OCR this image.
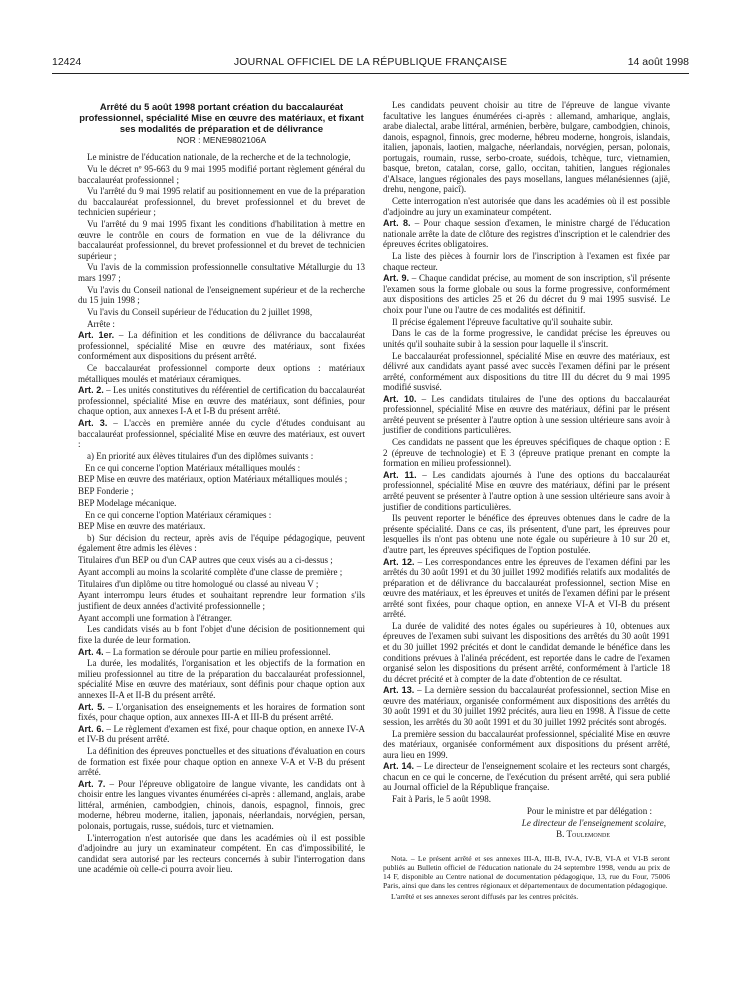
12424	JOURNAL OFFICIEL DE LA RÉPUBLIQUE FRANÇAISE	14 août 1998
Arrêté du 5 août 1998 portant création du baccalauréat professionnel, spécialité Mise en œuvre des matériaux, et fixant ses modalités de préparation et de délivrance
NOR : MENE9802106A

Le ministre de l'éducation nationale, de la recherche et de la technologie,

Vu le décret nº 95-663 du 9 mai 1995 modifié portant règlement général du baccalauréat professionnel ;

Vu l'arrêté du 9 mai 1995 relatif au positionnement en vue de la préparation du baccalauréat professionnel, du brevet professionnel et du brevet de technicien supérieur ;

Vu l'arrêté du 9 mai 1995 fixant les conditions d'habilitation à mettre en œuvre le contrôle en cours de formation en vue de la délivrance du baccalauréat professionnel, du brevet professionnel et du brevet de technicien supérieur ;

Vu l'avis de la commission professionnelle consultative Métallurgie du 13 mars 1997 ;

Vu l'avis du Conseil national de l'enseignement supérieur et de la recherche du 15 juin 1998 ;

Vu l'avis du Conseil supérieur de l'éducation du 2 juillet 1998,

Arrête :

Art. 1er. – La définition et les conditions de délivrance du baccalauréat professionnel, spécialité Mise en œuvre des matériaux, sont fixées conformément aux dispositions du présent arrêté.

Ce baccalauréat professionnel comporte deux options : matériaux métalliques moulés et matériaux céramiques.

Art. 2. – Les unités constitutives du référentiel de certification du baccalauréat professionnel, spécialité Mise en œuvre des matériaux, sont définies, pour chaque option, aux annexes I-A et I-B du présent arrêté.

Art. 3. – L'accès en première année du cycle d'études conduisant au baccalauréat professionnel, spécialité Mise en œuvre des matériaux, est ouvert :

a) En priorité aux élèves titulaires d'un des diplômes suivants :

En ce qui concerne l'option Matériaux métalliques moulés :

BEP Mise en œuvre des matériaux, option Matériaux métalliques moulés ;

BEP Fonderie ;

BEP Modelage mécanique.

En ce qui concerne l'option Matériaux céramiques :

BEP Mise en œuvre des matériaux.

b) Sur décision du recteur, après avis de l'équipe pédagogique, peuvent également être admis les élèves :

Titulaires d'un BEP ou d'un CAP autres que ceux visés au a ci-dessus ;

Ayant accompli au moins la scolarité complète d'une classe de première ;

Titulaires d'un diplôme ou titre homologué ou classé au niveau V ;

Ayant interrompu leurs études et souhaitant reprendre leur formation s'ils justifient de deux années d'activité professionnelle ;

Ayant accompli une formation à l'étranger.

Les candidats visés au b font l'objet d'une décision de positionnement qui fixe la durée de leur formation.

Art. 4. – La formation se déroule pour partie en milieu professionnel.

La durée, les modalités, l'organisation et les objectifs de la formation en milieu professionnel au titre de la préparation du baccalauréat professionnel, spécialité Mise en œuvre des matériaux, sont définis pour chaque option aux annexes II-A et II-B du présent arrêté.

Art. 5. – L'organisation des enseignements et les horaires de formation sont fixés, pour chaque option, aux annexes III-A et III-B du présent arrêté.

Art. 6. – Le règlement d'examen est fixé, pour chaque option, en annexe IV-A et IV-B du présent arrêté.

La définition des épreuves ponctuelles et des situations d'évaluation en cours de formation est fixée pour chaque option en annexe V-A et V-B du présent arrêté.

Art. 7. – Pour l'épreuve obligatoire de langue vivante, les candidats ont à choisir entre les langues vivantes énumérées ci-après : allemand, anglais, arabe littéral, arménien, cambodgien, chinois, danois, espagnol, finnois, grec moderne, hébreu moderne, italien, japonais, néerlandais, norvégien, persan, polonais, portugais, russe, suédois, turc et vietnamien.

L'interrogation n'est autorisée que dans les académies où il est possible d'adjoindre au jury un examinateur compétent. En cas d'impossibilité, le candidat sera autorisé par les recteurs concernés à subir l'interrogation dans une académie où celle-ci pourra avoir lieu.

Les candidats peuvent choisir au titre de l'épreuve de langue vivante facultative les langues énumérées ci-après : allemand, amharique, anglais, arabe dialectal, arabe littéral, arménien, berbère, bulgare, cambodgien, chinois, danois, espagnol, finnois, grec moderne, hébreu moderne, hongrois, islandais, italien, japonais, laotien, malgache, néerlandais, norvégien, persan, polonais, portugais, roumain, russe, serbo-croate, suédois, tchèque, turc, vietnamien, basque, breton, catalan, corse, gallo, occitan, tahitien, langues régionales d'Alsace, langues régionales des pays mosellans, langues mélanésiennes (ajië, drehu, nengone, paicî).

Cette interrogation n'est autorisée que dans les académies où il est possible d'adjoindre au jury un examinateur compétent.

Art. 8. – Pour chaque session d'examen, le ministre chargé de l'éducation nationale arrête la date de clôture des registres d'inscription et le calendrier des épreuves écrites obligatoires.

La liste des pièces à fournir lors de l'inscription à l'examen est fixée par chaque recteur.

Art. 9. – Chaque candidat précise, au moment de son inscription, s'il présente l'examen sous la forme globale ou sous la forme progressive, conformément aux dispositions des articles 25 et 26 du décret du 9 mai 1995 susvisé. Le choix pour l'une ou l'autre de ces modalités est définitif.

Il précise également l'épreuve facultative qu'il souhaite subir.

Dans le cas de la forme progressive, le candidat précise les épreuves ou unités qu'il souhaite subir à la session pour laquelle il s'inscrit.

Le baccalauréat professionnel, spécialité Mise en œuvre des matériaux, est délivré aux candidats ayant passé avec succès l'examen défini par le présent arrêté, conformément aux dispositions du titre III du décret du 9 mai 1995 modifié susvisé.

Art. 10. – Les candidats titulaires de l'une des options du baccalauréat professionnel, spécialité Mise en œuvre des matériaux, défini par le présent arrêté peuvent se présenter à l'autre option à une session ultérieure sans avoir à justifier de conditions particulières.

Ces candidats ne passent que les épreuves spécifiques de chaque option : E 2 (épreuve de technologie) et E 3 (épreuve pratique prenant en compte la formation en milieu professionnel).

Art. 11. – Les candidats ajournés à l'une des options du baccalauréat professionnel, spécialité Mise en œuvre des matériaux, défini par le présent arrêté peuvent se présenter à l'autre option à une session ultérieure sans avoir à justifier de conditions particulières.

Ils peuvent reporter le bénéfice des épreuves obtenues dans le cadre de la présente spécialité. Dans ce cas, ils présentent, d'une part, les épreuves pour lesquelles ils n'ont pas obtenu une note égale ou supérieure à 10 sur 20 et, d'autre part, les épreuves spécifiques de l'option postulée.

Art. 12. – Les correspondances entre les épreuves de l'examen défini par les arrêtés du 30 août 1991 et du 30 juillet 1992 modifiés relatifs aux modalités de préparation et de délivrance du baccalauréat professionnel, section Mise en œuvre des matériaux, et les épreuves et unités de l'examen défini par le présent arrêté sont fixées, pour chaque option, en annexe VI-A et VI-B du présent arrêté.

La durée de validité des notes égales ou supérieures à 10, obtenues aux épreuves de l'examen subi suivant les dispositions des arrêtés du 30 août 1991 et du 30 juillet 1992 précités et dont le candidat demande le bénéfice dans les conditions prévues à l'alinéa précédent, est reportée dans le cadre de l'examen organisé selon les dispositions du présent arrêté, conformément à l'article 18 du décret précité et à compter de la date d'obtention de ce résultat.

Art. 13. – La dernière session du baccalauréat professionnel, section Mise en œuvre des matériaux, organisée conformément aux dispositions des arrêtés du 30 août 1991 et du 30 juillet 1992 précités, aura lieu en 1998. À l'issue de cette session, les arrêtés du 30 août 1991 et du 30 juillet 1992 précités sont abrogés.

La première session du baccalauréat professionnel, spécialité Mise en œuvre des matériaux, organisée conformément aux dispositions du présent arrêté, aura lieu en 1999.

Art. 14. – Le directeur de l'enseignement scolaire et les recteurs sont chargés, chacun en ce qui le concerne, de l'exécution du présent arrêté, qui sera publié au Journal officiel de la République française.

Fait à Paris, le 5 août 1998.

Pour le ministre et par délégation :

Le directeur de l'enseignement scolaire,

B. Toulemonde

Nota. – Le présent arrêté et ses annexes III-A, III-B, IV-A, IV-B, VI-A et VI-B seront publiés au Bulletin officiel de l'éducation nationale du 24 septembre 1998, vendu au prix de 14 F, disponible au Centre national de documentation pédagogique, 13, rue du Four, 75006 Paris, ainsi que dans les centres régionaux et départementaux de documentation pédagogique.

L'arrêté et ses annexes seront diffusés par les centres précités.
